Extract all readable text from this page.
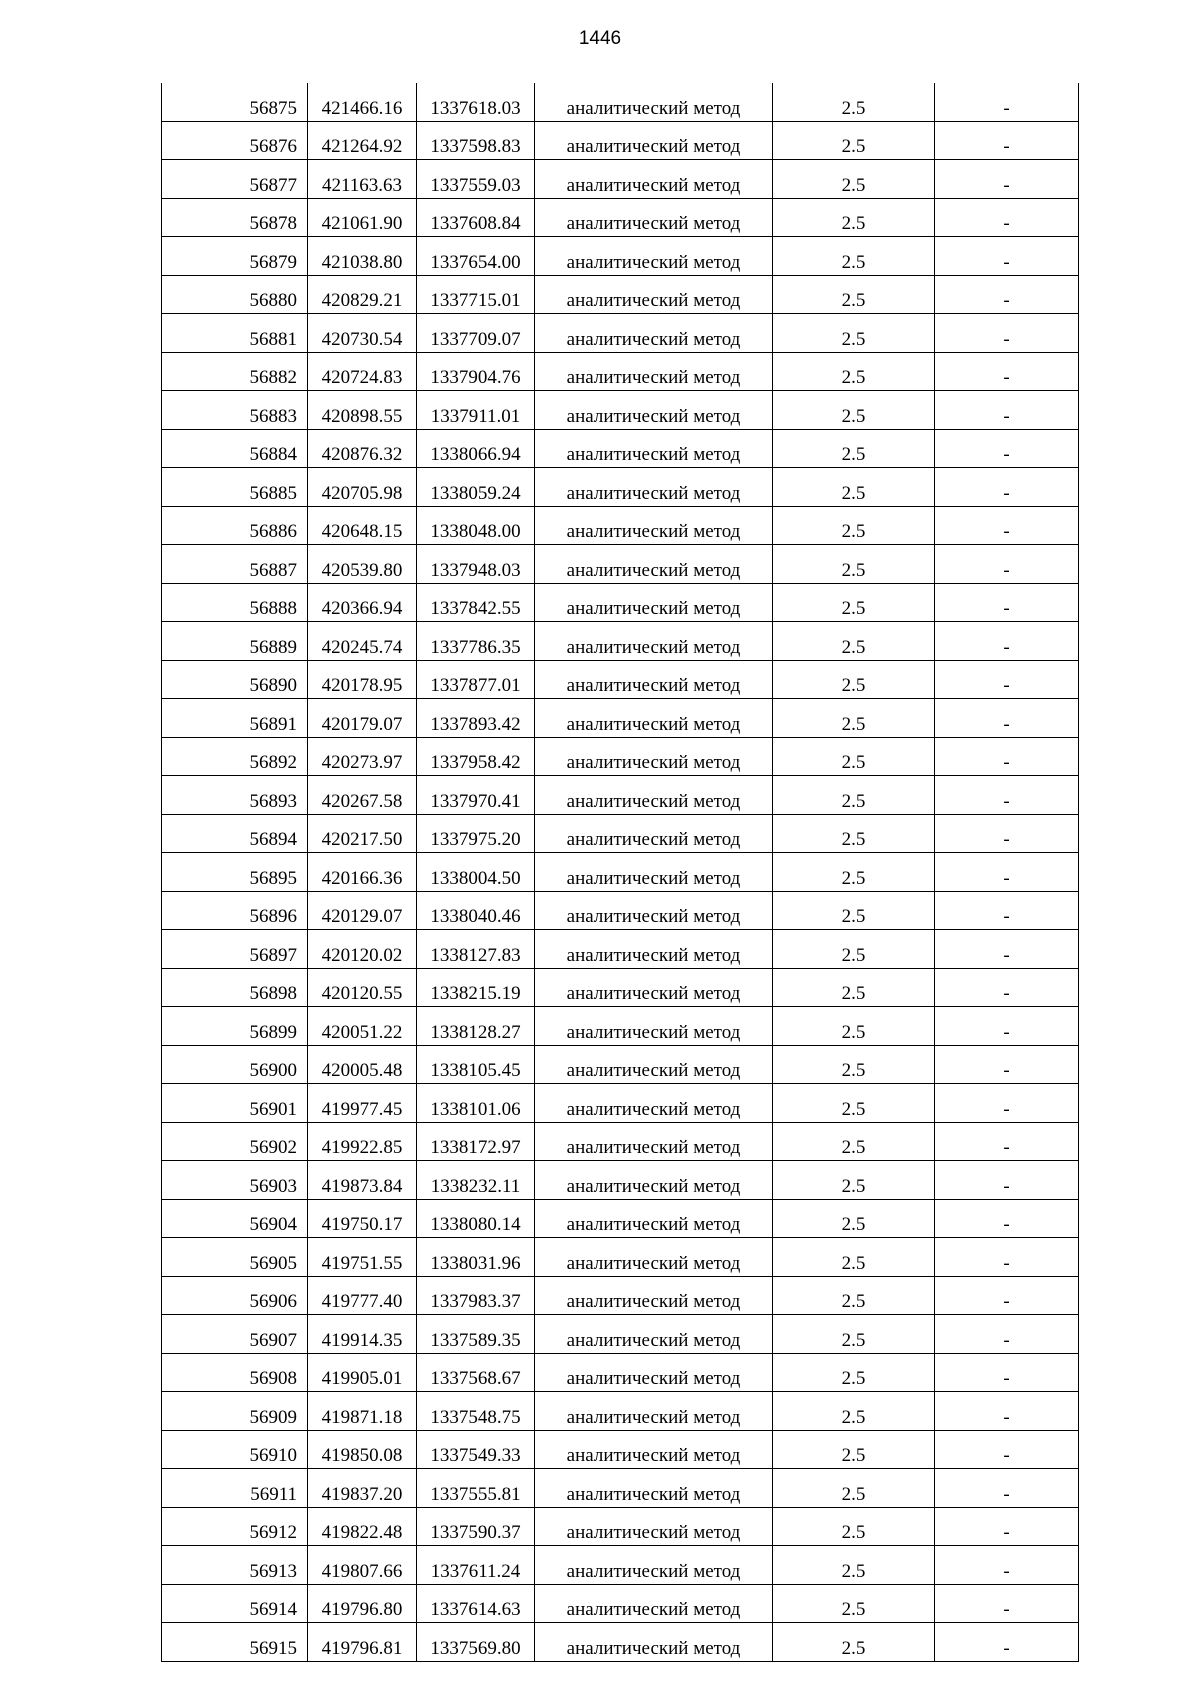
1446
56875	421466.16	1337618.03	аналитический метод	2.5	-
56876	421264.92	1337598.83	аналитический метод	2.5	-
56877	421163.63	1337559.03	аналитический метод	2.5	-
56878	421061.90	1337608.84	аналитический метод	2.5	-
56879	421038.80	1337654.00	аналитический метод	2.5	-
56880	420829.21	1337715.01	аналитический метод	2.5	-
56881	420730.54	1337709.07	аналитический метод	2.5	-
56882	420724.83	1337904.76	аналитический метод	2.5	-
56883	420898.55	1337911.01	аналитический метод	2.5	-
56884	420876.32	1338066.94	аналитический метод	2.5	-
56885	420705.98	1338059.24	аналитический метод	2.5	-
56886	420648.15	1338048.00	аналитический метод	2.5	-
56887	420539.80	1337948.03	аналитический метод	2.5	-
56888	420366.94	1337842.55	аналитический метод	2.5	-
56889	420245.74	1337786.35	аналитический метод	2.5	-
56890	420178.95	1337877.01	аналитический метод	2.5	-
56891	420179.07	1337893.42	аналитический метод	2.5	-
56892	420273.97	1337958.42	аналитический метод	2.5	-
56893	420267.58	1337970.41	аналитический метод	2.5	-
56894	420217.50	1337975.20	аналитический метод	2.5	-
56895	420166.36	1338004.50	аналитический метод	2.5	-
56896	420129.07	1338040.46	аналитический метод	2.5	-
56897	420120.02	1338127.83	аналитический метод	2.5	-
56898	420120.55	1338215.19	аналитический метод	2.5	-
56899	420051.22	1338128.27	аналитический метод	2.5	-
56900	420005.48	1338105.45	аналитический метод	2.5	-
56901	419977.45	1338101.06	аналитический метод	2.5	-
56902	419922.85	1338172.97	аналитический метод	2.5	-
56903	419873.84	1338232.11	аналитический метод	2.5	-
56904	419750.17	1338080.14	аналитический метод	2.5	-
56905	419751.55	1338031.96	аналитический метод	2.5	-
56906	419777.40	1337983.37	аналитический метод	2.5	-
56907	419914.35	1337589.35	аналитический метод	2.5	-
56908	419905.01	1337568.67	аналитический метод	2.5	-
56909	419871.18	1337548.75	аналитический метод	2.5	-
56910	419850.08	1337549.33	аналитический метод	2.5	-
56911	419837.20	1337555.81	аналитический метод	2.5	-
56912	419822.48	1337590.37	аналитический метод	2.5	-
56913	419807.66	1337611.24	аналитический метод	2.5	-
56914	419796.80	1337614.63	аналитический метод	2.5	-
56915	419796.81	1337569.80	аналитический метод	2.5	-
